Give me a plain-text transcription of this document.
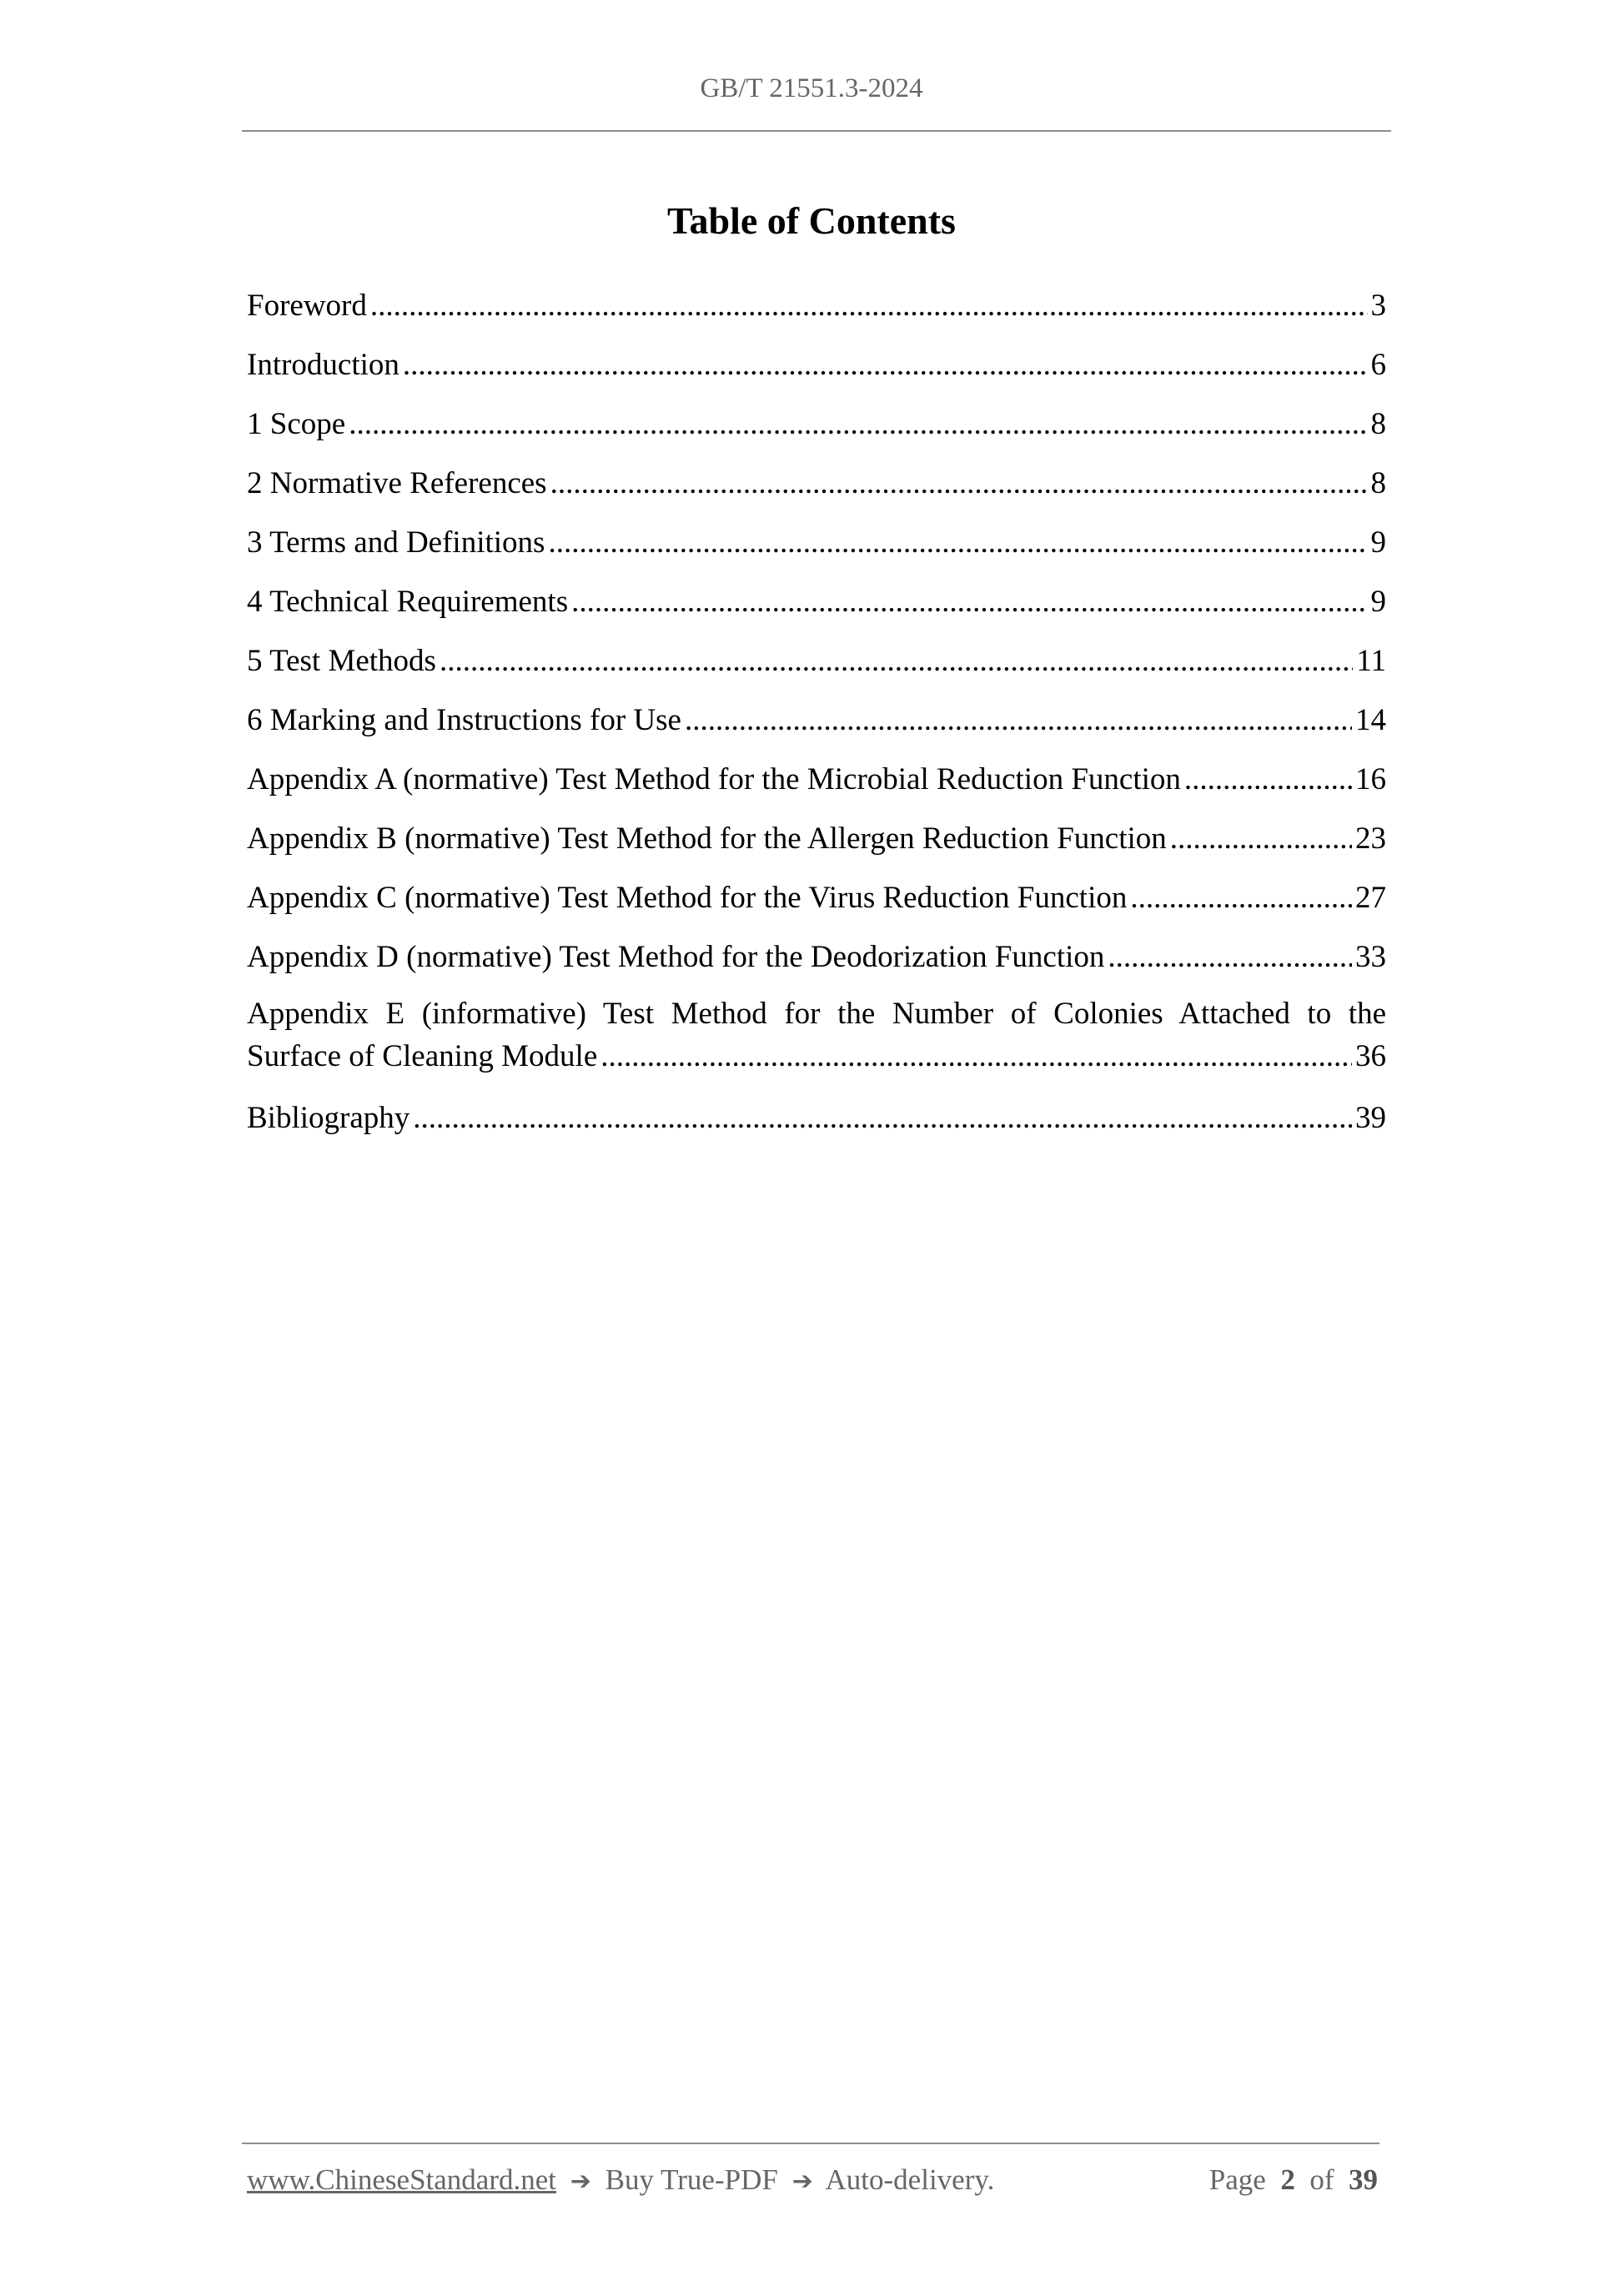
GB/T 21551.3-2024
Table of Contents
Foreword .....	3
Introduction .....	6
1 Scope .....	8
2 Normative References .....	8
3 Terms and Definitions .....	9
4 Technical Requirements .....	9
5 Test Methods .....	11
6 Marking and Instructions for Use .....	14
Appendix A (normative) Test Method for the Microbial Reduction Function .....	16
Appendix B (normative) Test Method for the Allergen Reduction Function .....	23
Appendix C (normative) Test Method for the Virus Reduction Function .....	27
Appendix D (normative) Test Method for the Deodorization Function .....	33
Appendix E (informative) Test Method for the Number of Colonies Attached to the
Surface of Cleaning Module .....	36
Bibliography .....	39
www.ChineseStandard.net ➔ Buy True-PDF ➔ Auto-delivery.	Page 2 of 39
